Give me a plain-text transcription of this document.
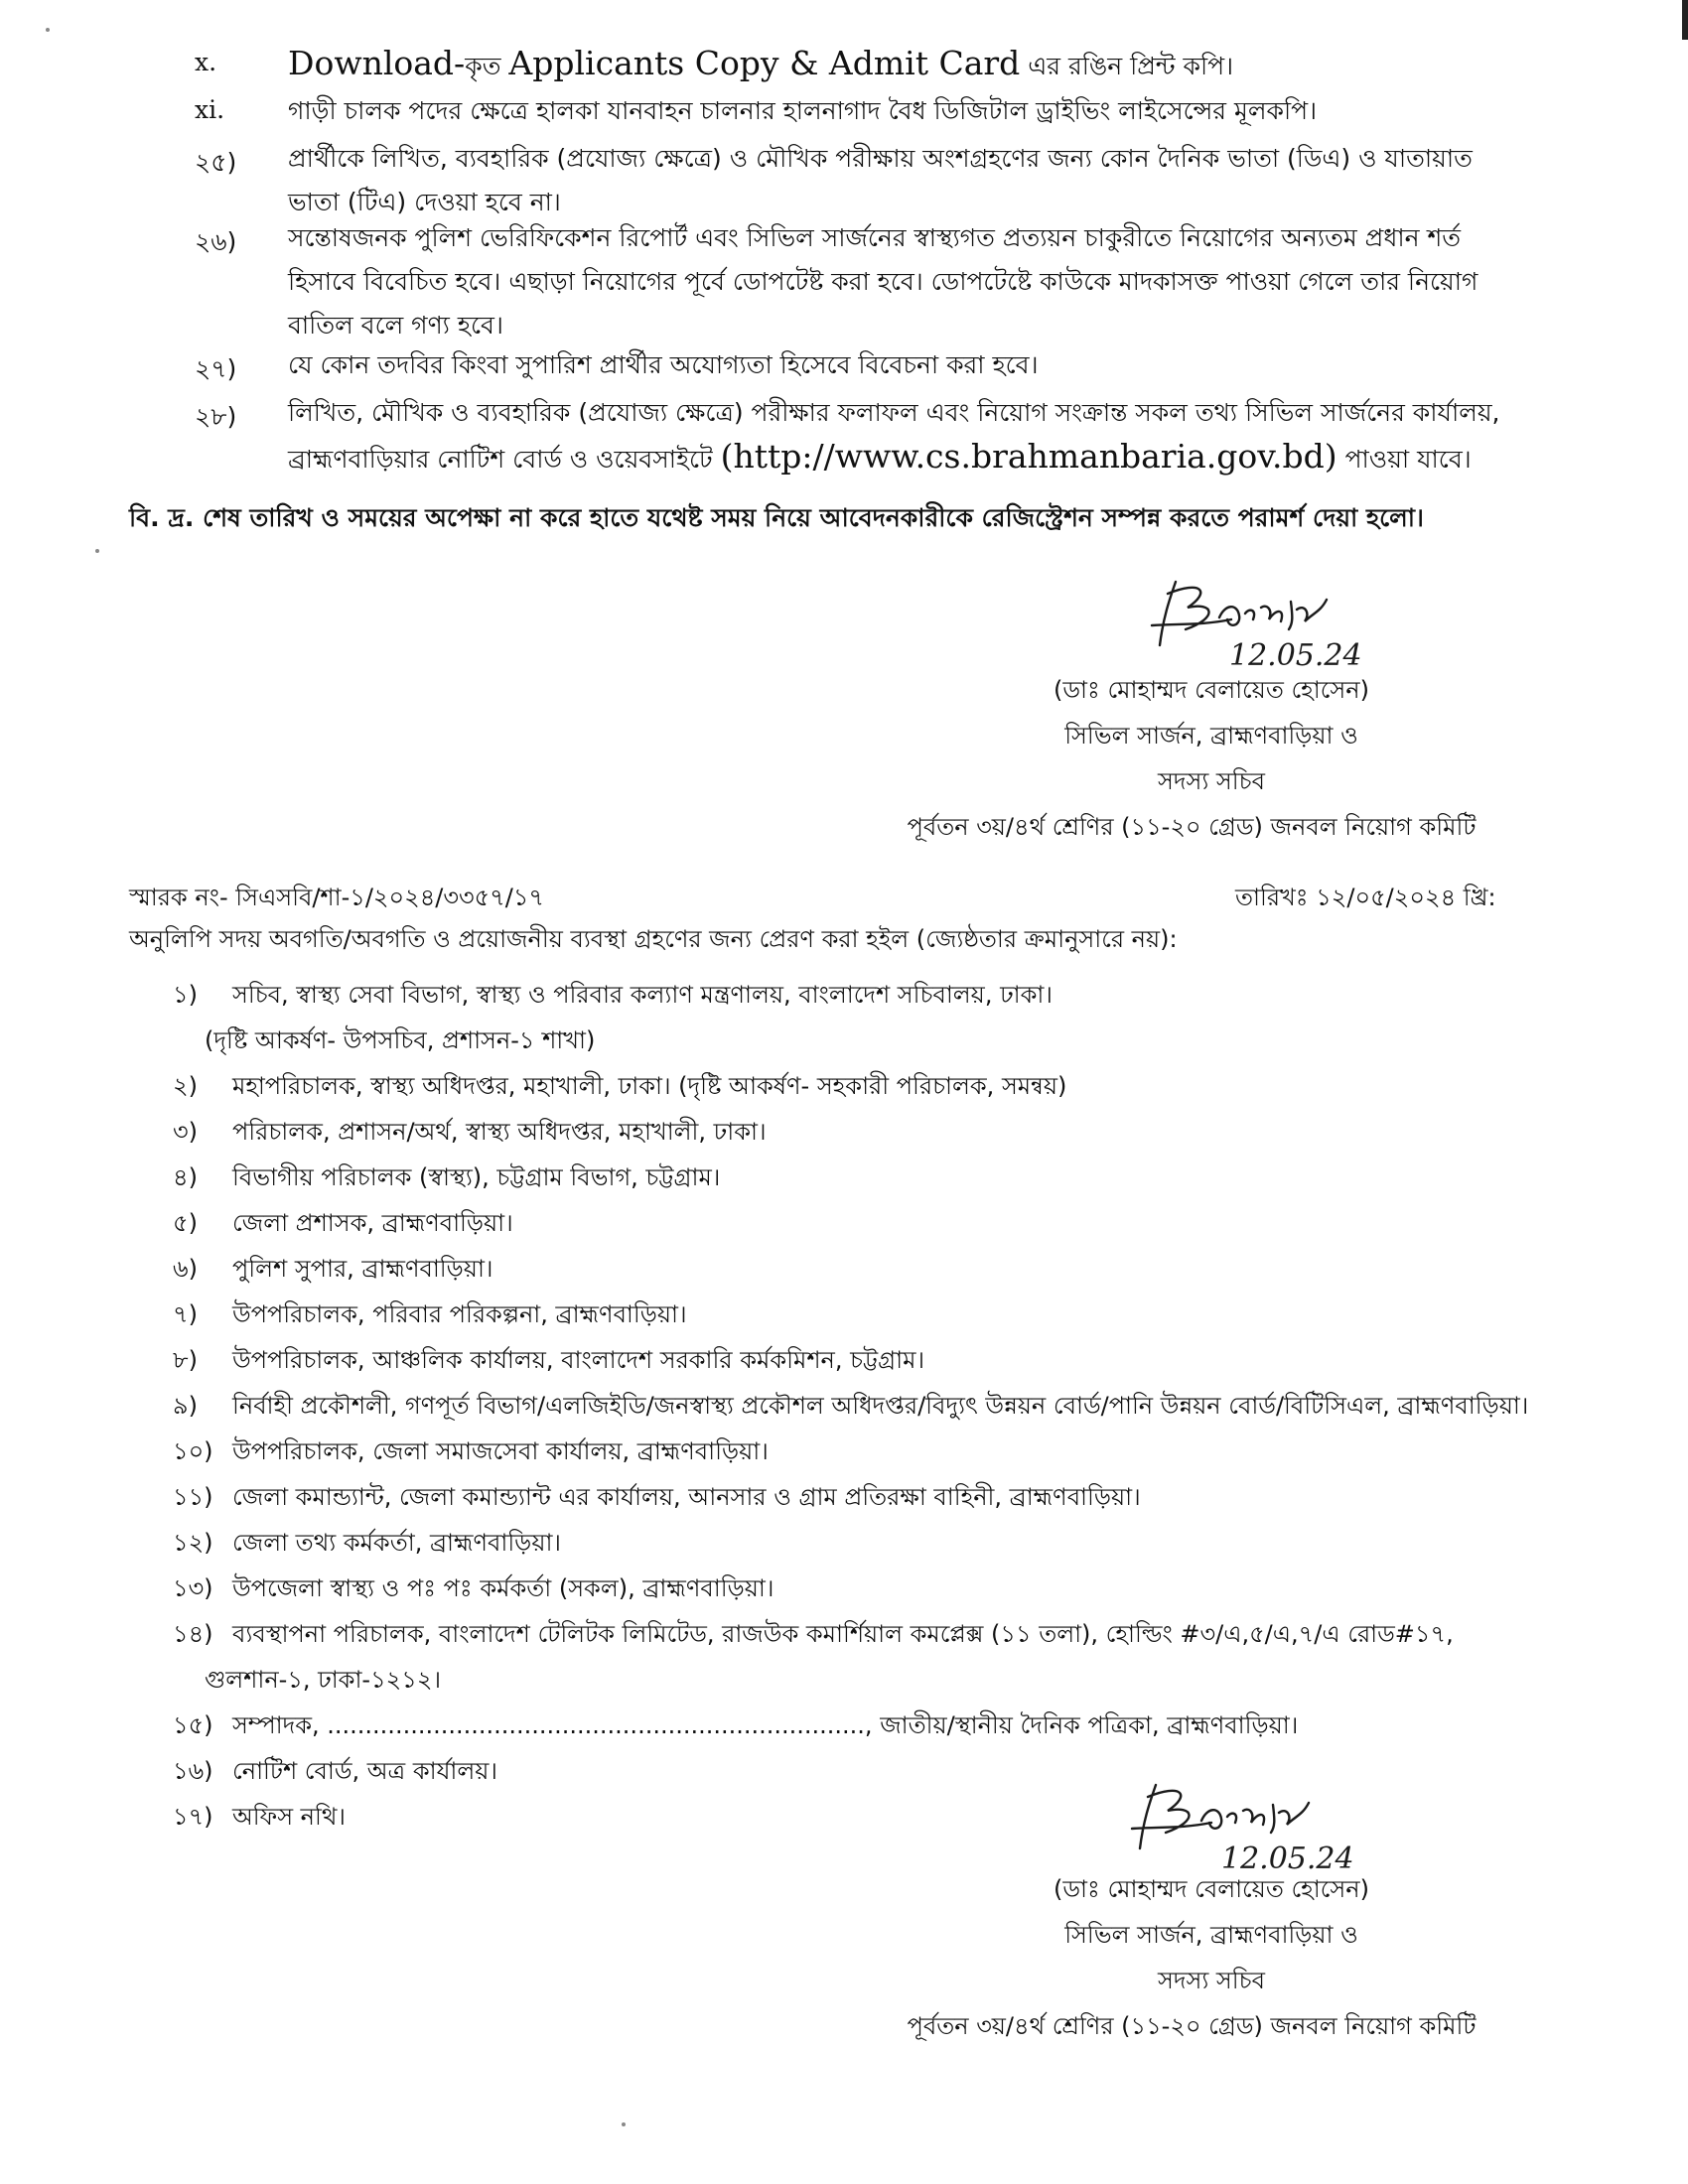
x. Download-কৃত Applicants Copy & Admit Card এর রঙিন প্রিন্ট কপি।
xi.	গাড়ী চালক পদের ক্ষেত্রে হালকা যানবাহন চালনার হালনাগাদ বৈধ ডিজিটাল ড্রাইভিং লাইসেন্সের মূলকপি।
২৫) প্রার্থীকে লিখিত, ব্যবহারিক (প্রযোজ্য ক্ষেত্রে) ও মৌখিক পরীক্ষায় অংশগ্রহণের জন্য কোন দৈনিক ভাতা (ডিএ) ও যাতায়াত
ভাতা (টিএ) দেওয়া হবে না।
২৬) সন্তোষজনক পুলিশ ভেরিফিকেশন রিপোর্ট এবং সিভিল সার্জনের স্বাস্থ্যগত প্রত্যয়ন চাকুরীতে নিয়োগের অন্যতম প্রধান শর্ত
হিসাবে বিবেচিত হবে। এছাড়া নিয়োগের পূর্বে ডোপটেষ্ট করা হবে। ডোপটেষ্টে কাউকে মাদকাসক্ত পাওয়া গেলে তার নিয়োগ
বাতিল বলে গণ্য হবে।
২৭) যে কোন তদবির কিংবা সুপারিশ প্রার্থীর অযোগ্যতা হিসেবে বিবেচনা করা হবে।
২৮) লিখিত, মৌখিক ও ব্যবহারিক (প্রযোজ্য ক্ষেত্রে) পরীক্ষার ফলাফল এবং নিয়োগ সংক্রান্ত সকল তথ্য সিভিল সার্জনের কার্যালয়,
ব্রাহ্মণবাড়িয়ার নোটিশ বোর্ড ও ওয়েবসাইটে (http://www.cs.brahmanbaria.gov.bd) পাওয়া যাবে।
বি. দ্র. শেষ তারিখ ও সময়ের অপেক্ষা না করে হাতে যথেষ্ট সময় নিয়ে আবেদনকারীকে রেজিস্ট্রেশন সম্পন্ন করতে পরামর্শ দেয়া হলো।
12.05.24
(ডাঃ মোহাম্মদ বেলায়েত হোসেন)
সিভিল সার্জন, ব্রাহ্মণবাড়িয়া ও
সদস্য সচিব
পূর্বতন ৩য়/৪র্থ শ্রেণির (১১-২০ গ্রেড) জনবল নিয়োগ কমিটি
স্মারক নং- সিএসবি/শা-১/২০২৪/৩৩৫৭/১৭	তারিখঃ ১২/০৫/২০২৪ খ্রি:
অনুলিপি সদয় অবগতি/অবগতি ও প্রয়োজনীয় ব্যবস্থা গ্রহণের জন্য প্রেরণ করা হইল (জ্যেষ্ঠতার ক্রমানুসারে নয়):
১) সচিব, স্বাস্থ্য সেবা বিভাগ, স্বাস্থ্য ও পরিবার কল্যাণ মন্ত্রণালয়, বাংলাদেশ সচিবালয়, ঢাকা।
(দৃষ্টি আকর্ষণ- উপসচিব, প্রশাসন-১ শাখা)
২) মহাপরিচালক, স্বাস্থ্য অধিদপ্তর, মহাখালী, ঢাকা। (দৃষ্টি আকর্ষণ- সহকারী পরিচালক, সমন্বয়)
৩) পরিচালক, প্রশাসন/অর্থ, স্বাস্থ্য অধিদপ্তর, মহাখালী, ঢাকা।
৪) বিভাগীয় পরিচালক (স্বাস্থ্য), চট্টগ্রাম বিভাগ, চট্টগ্রাম।
৫) জেলা প্রশাসক, ব্রাহ্মণবাড়িয়া।
৬) পুলিশ সুপার, ব্রাহ্মণবাড়িয়া।
৭) উপপরিচালক, পরিবার পরিকল্পনা, ব্রাহ্মণবাড়িয়া।
৮) উপপরিচালক, আঞ্চলিক কার্যালয়, বাংলাদেশ সরকারি কর্মকমিশন, চট্টগ্রাম।
৯) নির্বাহী প্রকৌশলী, গণপূর্ত বিভাগ/এলজিইডি/জনস্বাস্থ্য প্রকৌশল অধিদপ্তর/বিদ্যুৎ উন্নয়ন বোর্ড/পানি উন্নয়ন বোর্ড/বিটিসিএল, ব্রাহ্মণবাড়িয়া।
১০) উপপরিচালক, জেলা সমাজসেবা কার্যালয়, ব্রাহ্মণবাড়িয়া।
১১) জেলা কমান্ড্যান্ট, জেলা কমান্ড্যান্ট এর কার্যালয়, আনসার ও গ্রাম প্রতিরক্ষা বাহিনী, ব্রাহ্মণবাড়িয়া।
১২) জেলা তথ্য কর্মকর্তা, ব্রাহ্মণবাড়িয়া।
১৩) উপজেলা স্বাস্থ্য ও পঃ পঃ কর্মকর্তা (সকল), ব্রাহ্মণবাড়িয়া।
১৪) ব্যবস্থাপনা পরিচালক, বাংলাদেশ টেলিটক লিমিটেড, রাজউক কমার্শিয়াল কমপ্লেক্স (১১ তলা), হোল্ডিং #৩/এ,৫/এ,৭/এ রোড#১৭,
গুলশান-১, ঢাকা-১২১২।
১৫) সম্পাদক, ......................................................................., জাতীয়/স্থানীয় দৈনিক পত্রিকা, ব্রাহ্মণবাড়িয়া।
১৬) নোটিশ বোর্ড, অত্র কার্যালয়।
১৭) অফিস নথি।
12.05.24
(ডাঃ মোহাম্মদ বেলায়েত হোসেন)
সিভিল সার্জন, ব্রাহ্মণবাড়িয়া ও
সদস্য সচিব
পূর্বতন ৩য়/৪র্থ শ্রেণির (১১-২০ গ্রেড) জনবল নিয়োগ কমিটি
